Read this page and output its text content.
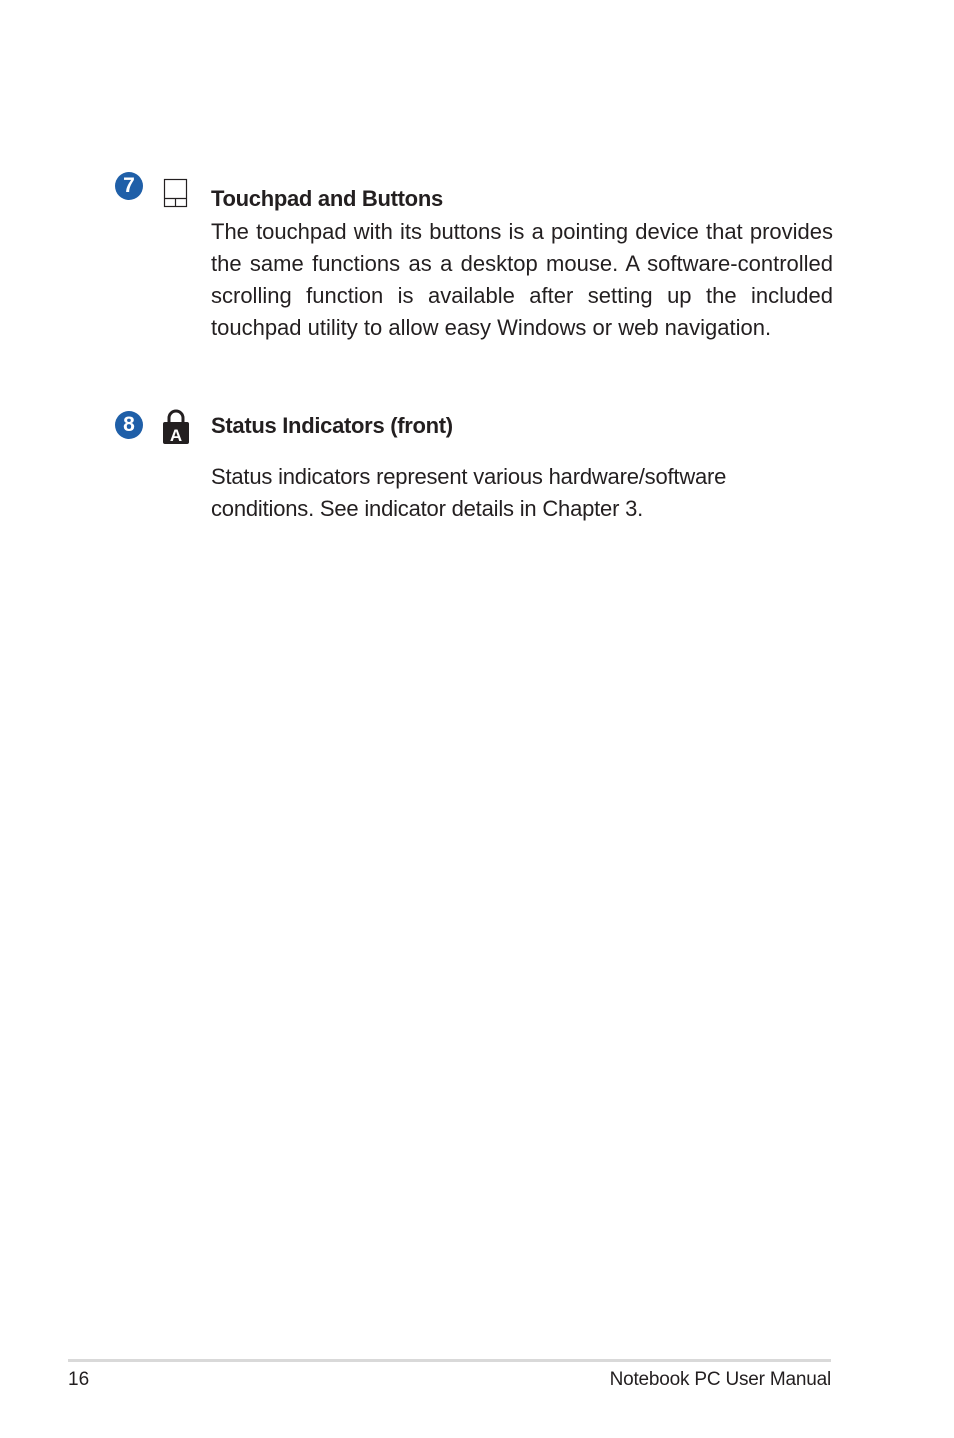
7

Touchpad and Buttons

The touchpad with its buttons is a pointing device that provides the same functions as a desktop mouse. A software-controlled scrolling function is available after setting up the included touchpad utility to allow easy Windows or web navigation.

8	A Status Indicators (front)

Status indicators represent various hardware/software conditions. See indicator details in Chapter 3.

16	Notebook PC User Manual
